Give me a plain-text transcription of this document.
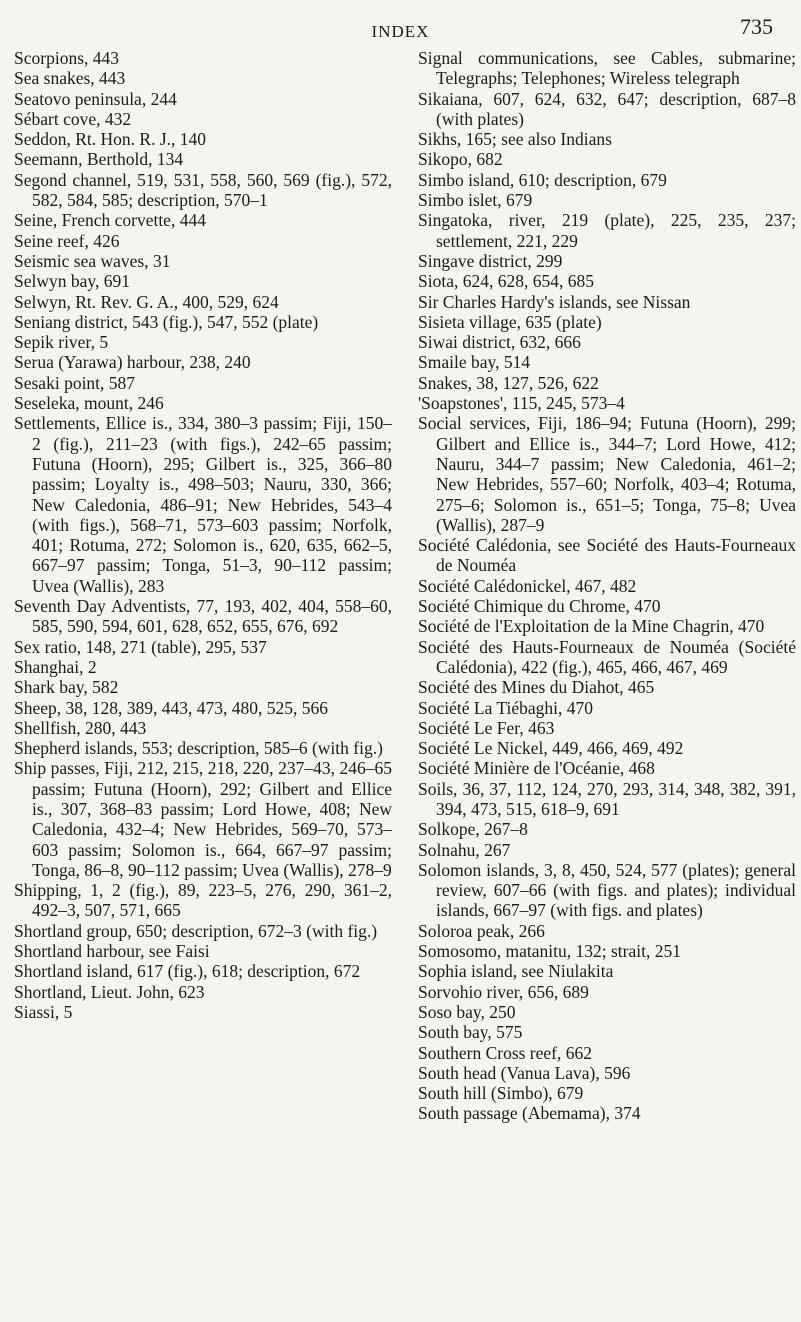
INDEX	735

Scorpions, 443

Sea snakes, 443

Seatovo peninsula, 244

Sébart cove, 432

Seddon, Rt. Hon. R. J., 140

Seemann, Berthold, 134

Segond channel, 519, 531, 558, 560, 569 (fig.), 572, 582, 584, 585; description, 570–1

Seine, French corvette, 444

Seine reef, 426

Seismic sea waves, 31

Selwyn bay, 691

Selwyn, Rt. Rev. G. A., 400, 529, 624

Seniang district, 543 (fig.), 547, 552 (plate)

Sepik river, 5

Serua (Yarawa) harbour, 238, 240

Sesaki point, 587

Seseleka, mount, 246

Settlements, Ellice is., 334, 380–3 passim; Fiji, 150–2 (fig.), 211–23 (with figs.), 242–65 passim; Futuna (Hoorn), 295; Gilbert is., 325, 366–80 passim; Loyalty is., 498–503; Nauru, 330, 366; New Caledonia, 486–91; New Hebrides, 543–4 (with figs.), 568–71, 573–603 passim; Norfolk, 401; Rotuma, 272; Solomon is., 620, 635, 662–5, 667–97 passim; Tonga, 51–3, 90–112 passim; Uvea (Wallis), 283

Seventh Day Adventists, 77, 193, 402, 404, 558–60, 585, 590, 594, 601, 628, 652, 655, 676, 692

Sex ratio, 148, 271 (table), 295, 537

Shanghai, 2

Shark bay, 582

Sheep, 38, 128, 389, 443, 473, 480, 525, 566

Shellfish, 280, 443

Shepherd islands, 553; description, 585–6 (with fig.)

Ship passes, Fiji, 212, 215, 218, 220, 237–43, 246–65 passim; Futuna (Hoorn), 292; Gilbert and Ellice is., 307, 368–83 passim; Lord Howe, 408; New Caledonia, 432–4; New Hebrides, 569–70, 573–603 passim; Solomon is., 664, 667–97 passim; Tonga, 86–8, 90–112 passim; Uvea (Wallis), 278–9

Shipping, 1, 2 (fig.), 89, 223–5, 276, 290, 361–2, 492–3, 507, 571, 665

Shortland group, 650; description, 672–3 (with fig.)

Shortland harbour, see Faisi

Shortland island, 617 (fig.), 618; description, 672

Shortland, Lieut. John, 623

Siassi, 5

Signal communications, see Cables, submarine; Telegraphs; Telephones; Wireless telegraph

Sikaiana, 607, 624, 632, 647; description, 687–8 (with plates)

Sikhs, 165; see also Indians

Sikopo, 682

Simbo island, 610; description, 679

Simbo islet, 679

Singatoka, river, 219 (plate), 225, 235, 237; settlement, 221, 229

Singave district, 299

Siota, 624, 628, 654, 685

Sir Charles Hardy's islands, see Nissan

Sisieta village, 635 (plate)

Siwai district, 632, 666

Smaile bay, 514

Snakes, 38, 127, 526, 622

'Soapstones', 115, 245, 573–4

Social services, Fiji, 186–94; Futuna (Hoorn), 299; Gilbert and Ellice is., 344–7; Lord Howe, 412; Nauru, 344–7 passim; New Caledonia, 461–2; New Hebrides, 557–60; Norfolk, 403–4; Rotuma, 275–6; Solomon is., 651–5; Tonga, 75–8; Uvea (Wallis), 287–9

Société Calédonia, see Société des Hauts-Fourneaux de Nouméa

Société Calédonickel, 467, 482

Société Chimique du Chrome, 470

Société de l'Exploitation de la Mine Chagrin, 470

Société des Hauts-Fourneaux de Nouméa (Société Calédonia), 422 (fig.), 465, 466, 467, 469

Société des Mines du Diahot, 465

Société La Tiébaghi, 470

Société Le Fer, 463

Société Le Nickel, 449, 466, 469, 492

Société Minière de l'Océanie, 468

Soils, 36, 37, 112, 124, 270, 293, 314, 348, 382, 391, 394, 473, 515, 618–9, 691

Solkope, 267–8

Solnahu, 267

Solomon islands, 3, 8, 450, 524, 577 (plates); general review, 607–66 (with figs. and plates); individual islands, 667–97 (with figs. and plates)

Soloroa peak, 266

Somosomo, matanitu, 132; strait, 251

Sophia island, see Niulakita

Sorvohio river, 656, 689

Soso bay, 250

South bay, 575

Southern Cross reef, 662

South head (Vanua Lava), 596

South hill (Simbo), 679

South passage (Abemama), 374
